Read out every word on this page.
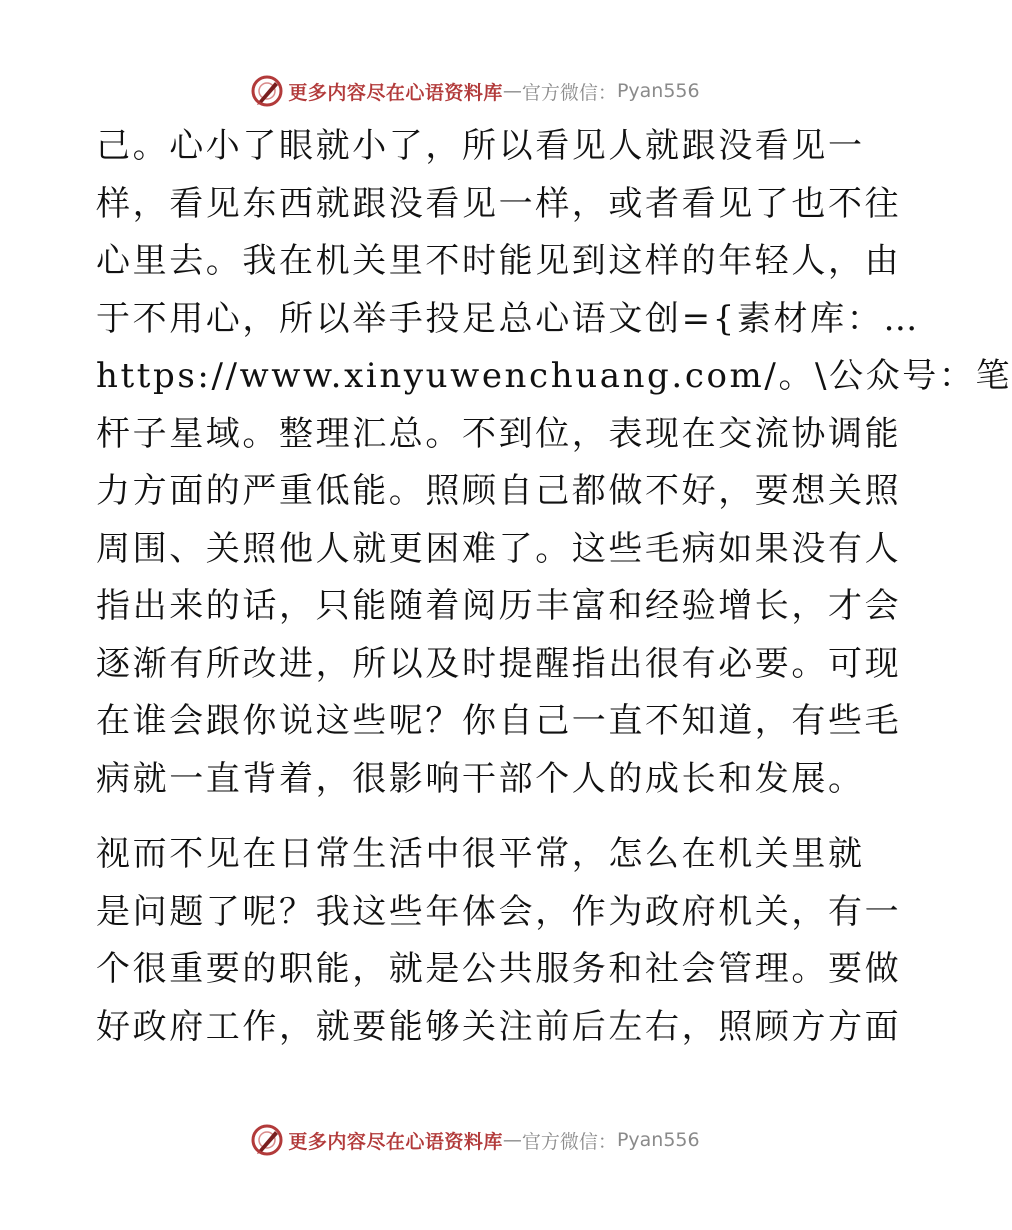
更多内容尽在心语资料库 — 官方微信： Pyan556
己。心小了眼就小了，所以看见人就跟没看见一
样，看见东西就跟没看见一样，或者看见了也不往
心里去。我在机关里不时能见到这样的年轻人，由
于不用心，所以举手投足总心语文创={素材库：…
https://www.xinyuwenchuang.com/。\公众号：笔
杆子星域。整理汇总。不到位，表现在交流协调能
力方面的严重低能。照顾自己都做不好，要想关照
周围、关照他人就更困难了。这些毛病如果没有人
指出来的话，只能随着阅历丰富和经验增长，才会
逐渐有所改进，所以及时提醒指出很有必要。可现
在谁会跟你说这些呢？你自己一直不知道，有些毛
病就一直背着，很影响干部个人的成长和发展。
视而不见在日常生活中很平常，怎么在机关里就
是问题了呢？我这些年体会，作为政府机关，有一
个很重要的职能，就是公共服务和社会管理。要做
好政府工作，就要能够关注前后左右，照顾方方面
更多内容尽在心语资料库 — 官方微信： Pyan556
